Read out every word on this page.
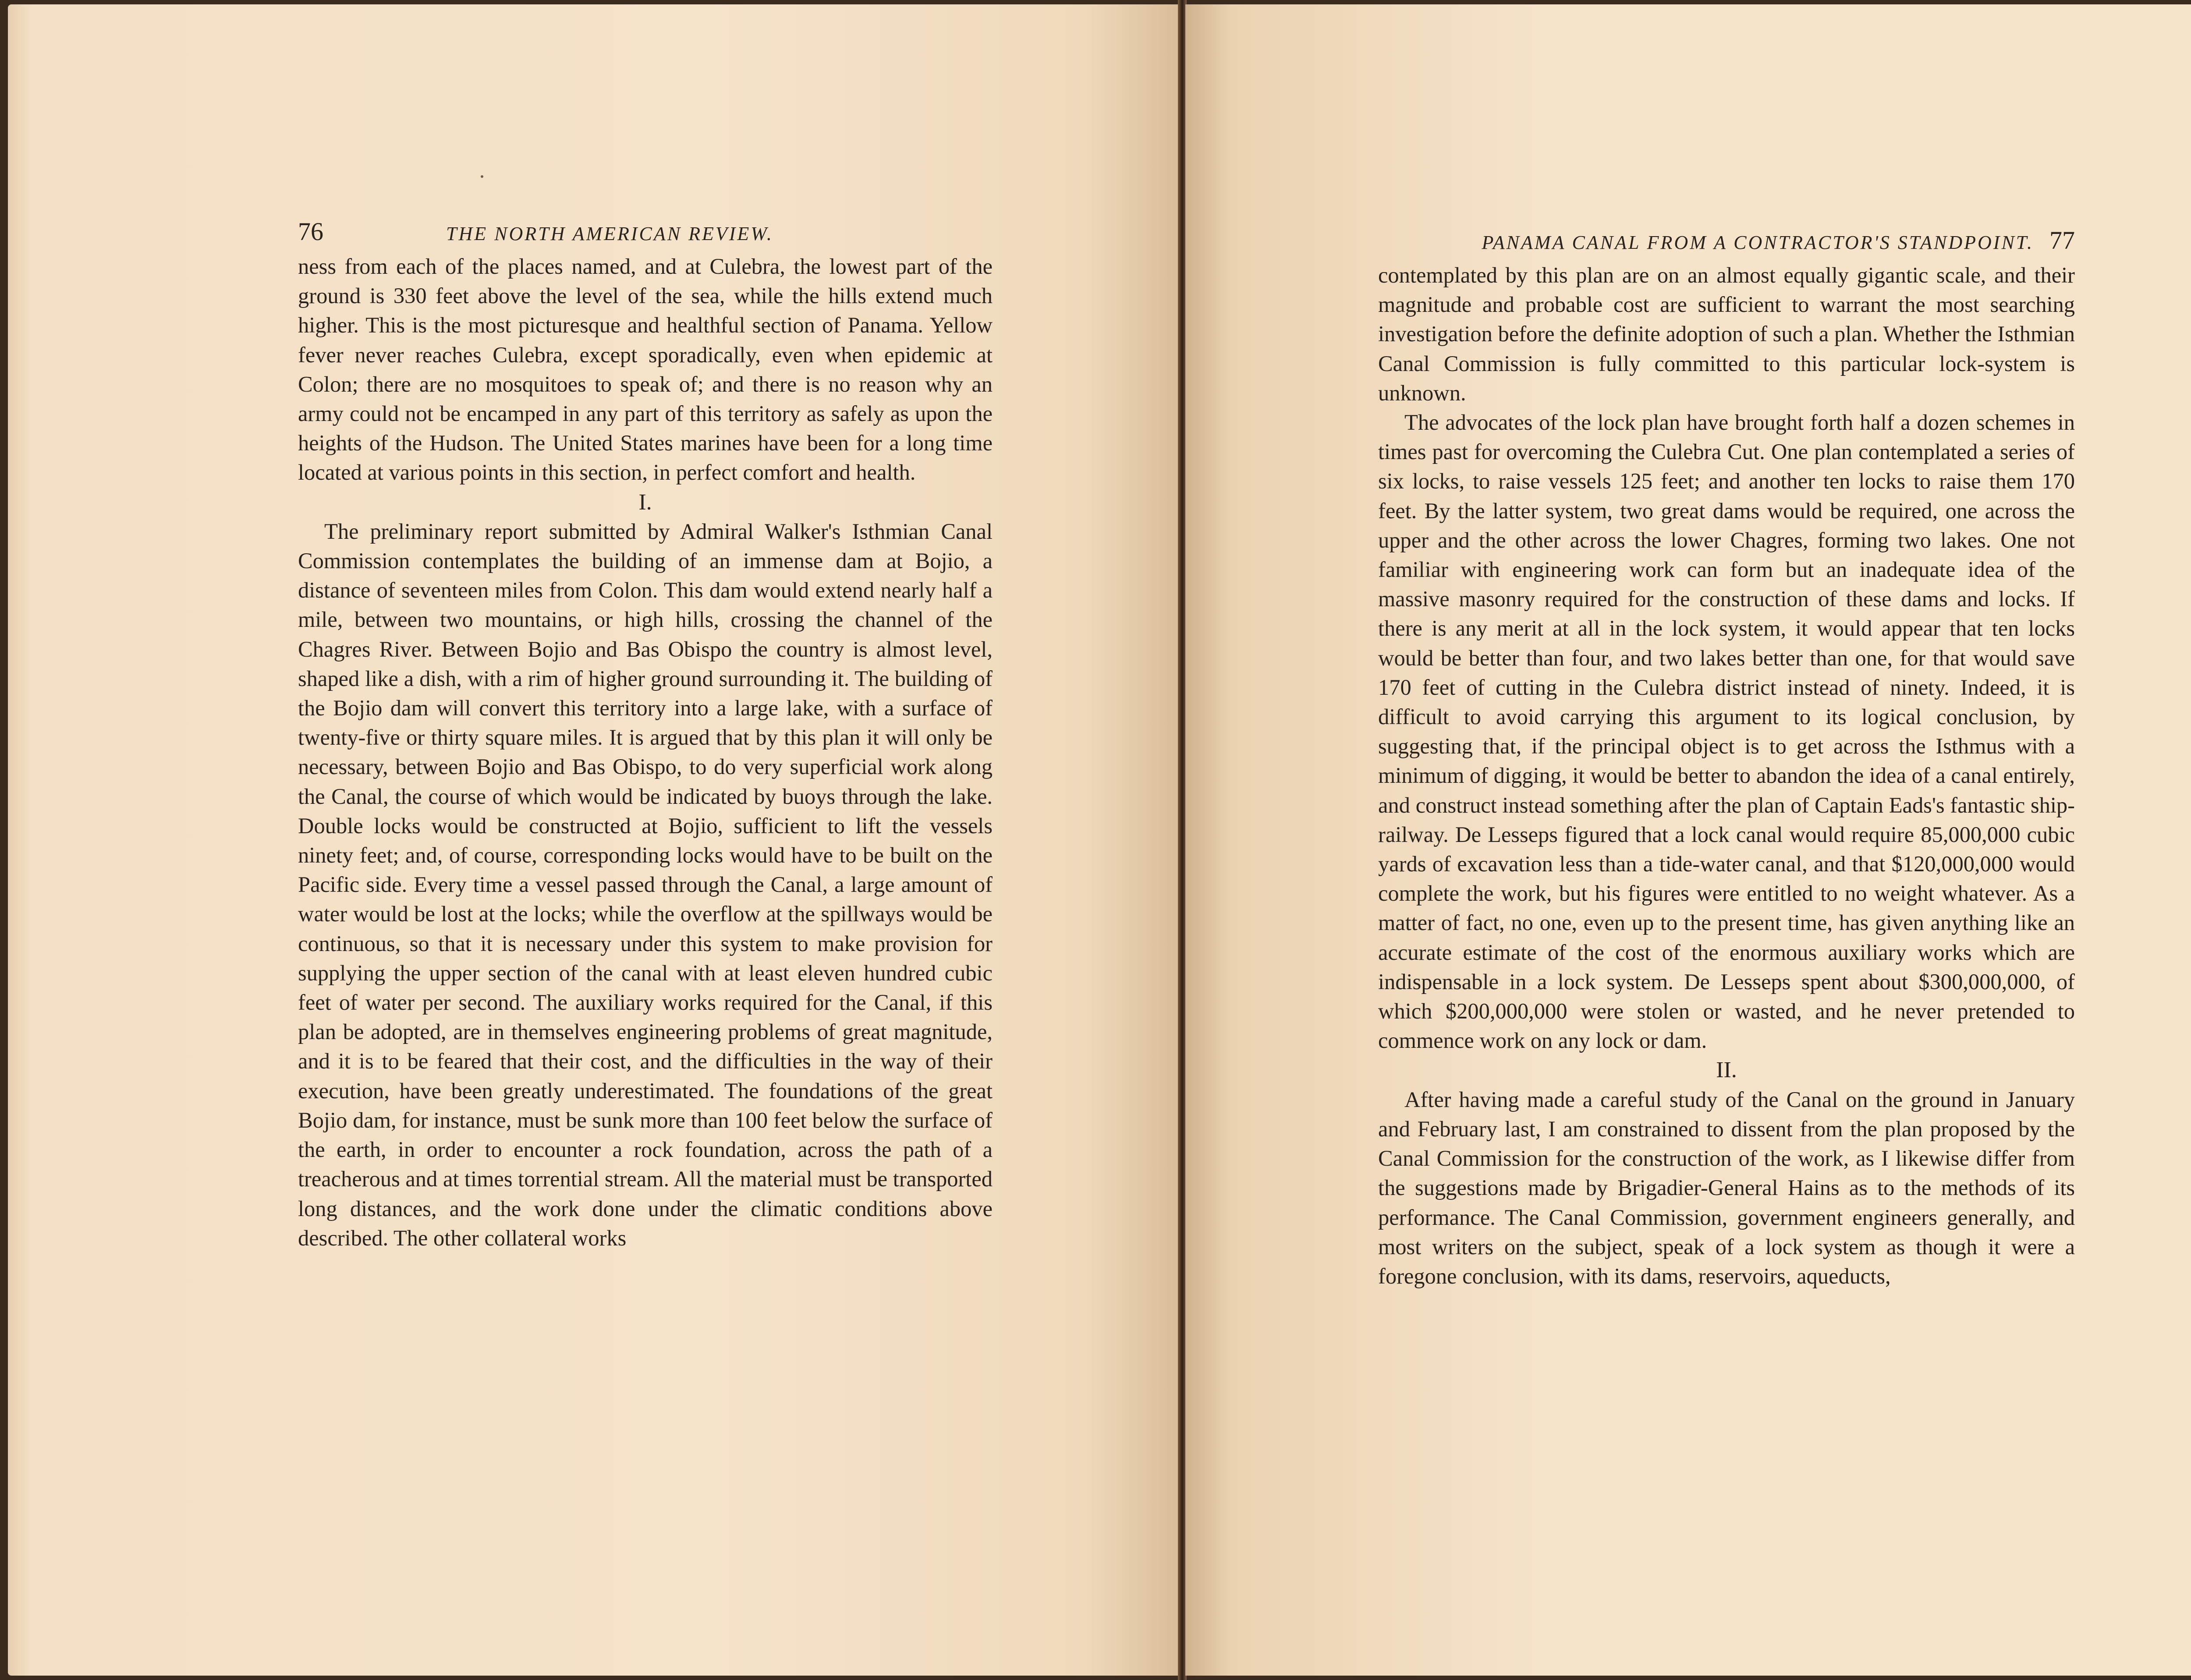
76	THE NORTH AMERICAN REVIEW.

ness from each of the places named, and at Culebra, the lowest part of the ground is 330 feet above the level of the sea, while the hills extend much higher. This is the most picturesque and healthful section of Panama. Yellow fever never reaches Culebra, except sporadically, even when epidemic at Colon; there are no mosquitoes to speak of; and there is no reason why an army could not be encamped in any part of this territory as safely as upon the heights of the Hudson. The United States marines have been for a long time located at various points in this section, in perfect comfort and health.

I.

The preliminary report submitted by Admiral Walker's Isthmian Canal Commission contemplates the building of an immense dam at Bojio, a distance of seventeen miles from Colon. This dam would extend nearly half a mile, between two mountains, or high hills, crossing the channel of the Chagres River. Between Bojio and Bas Obispo the country is almost level, shaped like a dish, with a rim of higher ground surrounding it. The building of the Bojio dam will convert this territory into a large lake, with a surface of twenty-five or thirty square miles. It is argued that by this plan it will only be necessary, between Bojio and Bas Obispo, to do very superficial work along the Canal, the course of which would be indicated by buoys through the lake. Double locks would be constructed at Bojio, sufficient to lift the vessels ninety feet; and, of course, corresponding locks would have to be built on the Pacific side. Every time a vessel passed through the Canal, a large amount of water would be lost at the locks; while the overflow at the spillways would be continuous, so that it is necessary under this system to make provision for supplying the upper section of the canal with at least eleven hundred cubic feet of water per second. The auxiliary works required for the Canal, if this plan be adopted, are in themselves engineering problems of great magnitude, and it is to be feared that their cost, and the difficulties in the way of their execution, have been greatly underestimated. The foundations of the great Bojio dam, for instance, must be sunk more than 100 feet below the surface of the earth, in order to encounter a rock foundation, across the path of a treacherous and at times torrential stream. All the material must be transported long distances, and the work done under the climatic conditions above described. The other collateral works

PANAMA CANAL FROM A CONTRACTOR'S STANDPOINT. 77

contemplated by this plan are on an almost equally gigantic scale, and their magnitude and probable cost are sufficient to warrant the most searching investigation before the definite adoption of such a plan. Whether the Isthmian Canal Commission is fully committed to this particular lock-system is unknown.

The advocates of the lock plan have brought forth half a dozen schemes in times past for overcoming the Culebra Cut. One plan contemplated a series of six locks, to raise vessels 125 feet; and another ten locks to raise them 170 feet. By the latter system, two great dams would be required, one across the upper and the other across the lower Chagres, forming two lakes. One not familiar with engineering work can form but an inadequate idea of the massive masonry required for the construction of these dams and locks. If there is any merit at all in the lock system, it would appear that ten locks would be better than four, and two lakes better than one, for that would save 170 feet of cutting in the Culebra district instead of ninety. Indeed, it is difficult to avoid carrying this argument to its logical conclusion, by suggesting that, if the principal object is to get across the Isthmus with a minimum of digging, it would be better to abandon the idea of a canal entirely, and construct instead something after the plan of Captain Eads's fantastic ship-railway. De Lesseps figured that a lock canal would require 85,000,000 cubic yards of excavation less than a tide-water canal, and that $120,000,000 would complete the work, but his figures were entitled to no weight whatever. As a matter of fact, no one, even up to the present time, has given anything like an accurate estimate of the cost of the enormous auxiliary works which are indispensable in a lock system. De Lesseps spent about $300,000,000, of which $200,000,000 were stolen or wasted, and he never pretended to commence work on any lock or dam.

II.

After having made a careful study of the Canal on the ground in January and February last, I am constrained to dissent from the plan proposed by the Canal Commission for the construction of the work, as I likewise differ from the suggestions made by Brigadier-General Hains as to the methods of its performance. The Canal Commission, government engineers generally, and most writers on the subject, speak of a lock system as though it were a foregone conclusion, with its dams, reservoirs, aqueducts,
